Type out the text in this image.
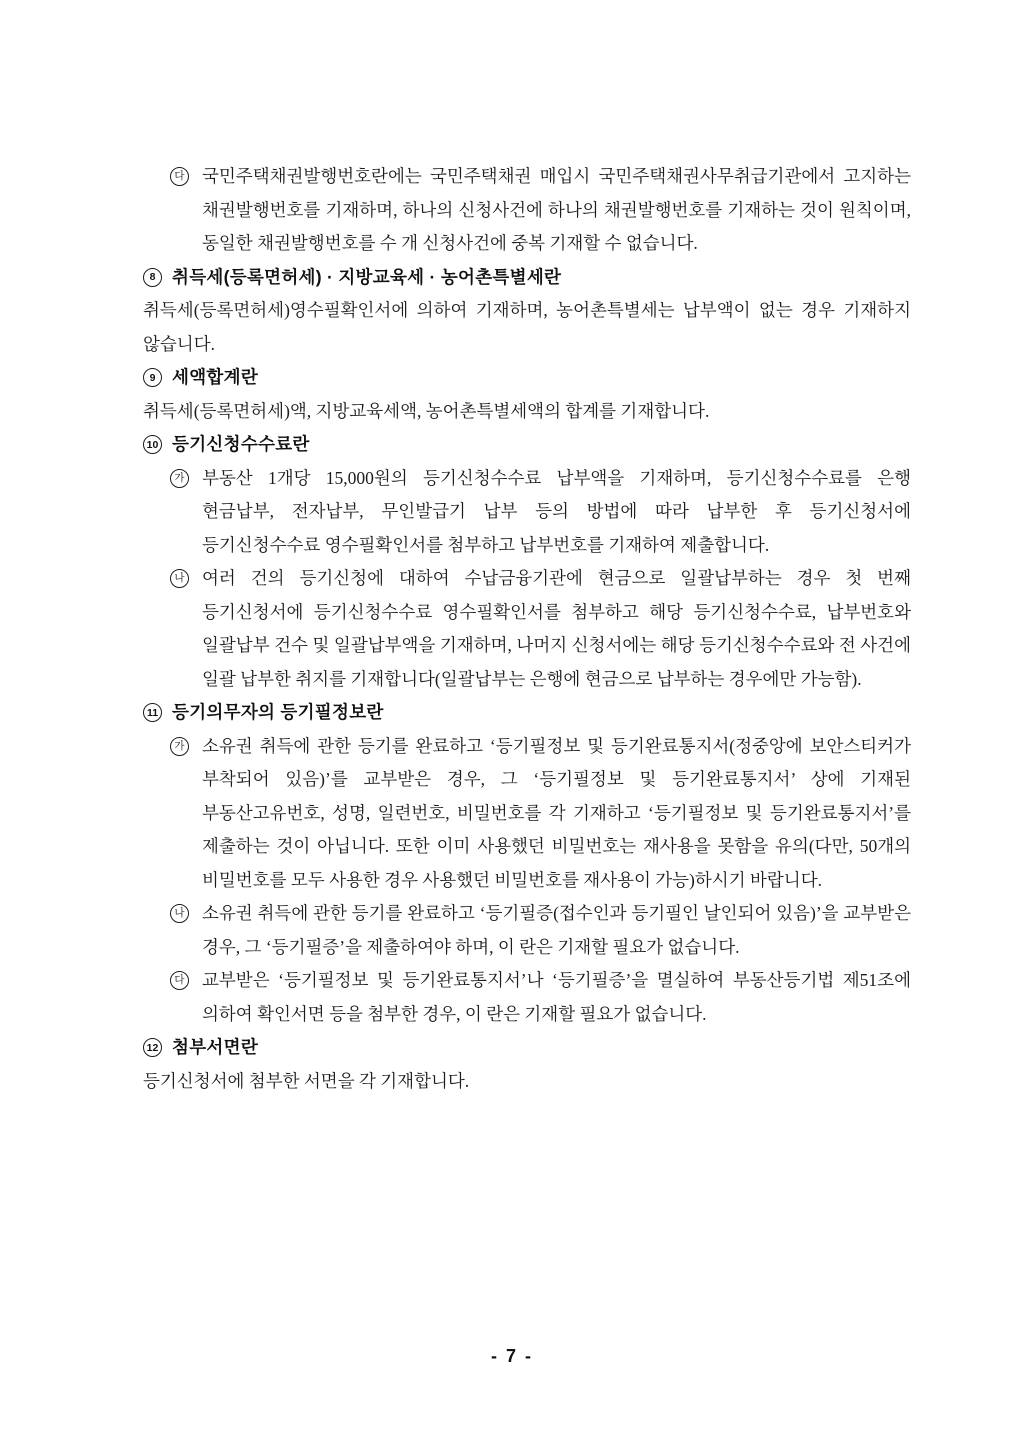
다 국민주택채권발행번호란에는 국민주택채권 매입시 국민주택채권사무취급기관에서 고지하는 채권발행번호를 기재하며, 하나의 신청사건에 하나의 채권발행번호를 기재하는 것이 원칙이며, 동일한 채권발행번호를 수 개 신청사건에 중복 기재할 수 없습니다.

8 취득세(등록면허세) · 지방교육세 · 농어촌특별세란

취득세(등록면허세)영수필확인서에 의하여 기재하며, 농어촌특별세는 납부액이 없는 경우 기재하지 않습니다.

9 세액합계란

취득세(등록면허세)액, 지방교육세액, 농어촌특별세액의 합계를 기재합니다.

10 등기신청수수료란
가 부동산 1개당 15,000원의 등기신청수수료 납부액을 기재하며, 등기신청수수료를 은행 현금납부, 전자납부, 무인발급기 납부 등의 방법에 따라 납부한 후 등기신청서에 등기신청수수료 영수필확인서를 첨부하고 납부번호를 기재하여 제출합니다.

나 여러 건의 등기신청에 대하여 수납금융기관에 현금으로 일괄납부하는 경우 첫 번째 등기신청서에 등기신청수수료 영수필확인서를 첨부하고 해당 등기신청수수료, 납부번호와 일괄납부 건수 및 일괄납부액을 기재하며, 나머지 신청서에는 해당 등기신청수수료와 전 사건에 일괄 납부한 취지를 기재합니다(일괄납부는 은행에 현금으로 납부하는 경우에만 가능함).

11 등기의무자의 등기필정보란
가 소유권 취득에 관한 등기를 완료하고 ‘등기필정보 및 등기완료통지서(정중앙에 보안스티커가 부착되어 있음)’를 교부받은 경우, 그 ‘등기필정보 및 등기완료통지서’ 상에 기재된 부동산고유번호, 성명, 일련번호, 비밀번호를 각 기재하고 ‘등기필정보 및 등기완료통지서’를 제출하는 것이 아닙니다. 또한 이미 사용했던 비밀번호는 재사용을 못함을 유의(다만, 50개의 비밀번호를 모두 사용한 경우 사용했던 비밀번호를 재사용이 가능)하시기 바랍니다.

나 소유권 취득에 관한 등기를 완료하고 ‘등기필증(접수인과 등기필인 날인되어 있음)’을 교부받은 경우, 그 ‘등기필증’을 제출하여야 하며, 이 란은 기재할 필요가 없습니다.

다 교부받은 ‘등기필정보 및 등기완료통지서’나 ‘등기필증’을 멸실하여 부동산등기법 제51조에 의하여 확인서면 등을 첨부한 경우, 이 란은 기재할 필요가 없습니다.

12 첨부서면란

등기신청서에 첨부한 서면을 각 기재합니다.

- 7 -
